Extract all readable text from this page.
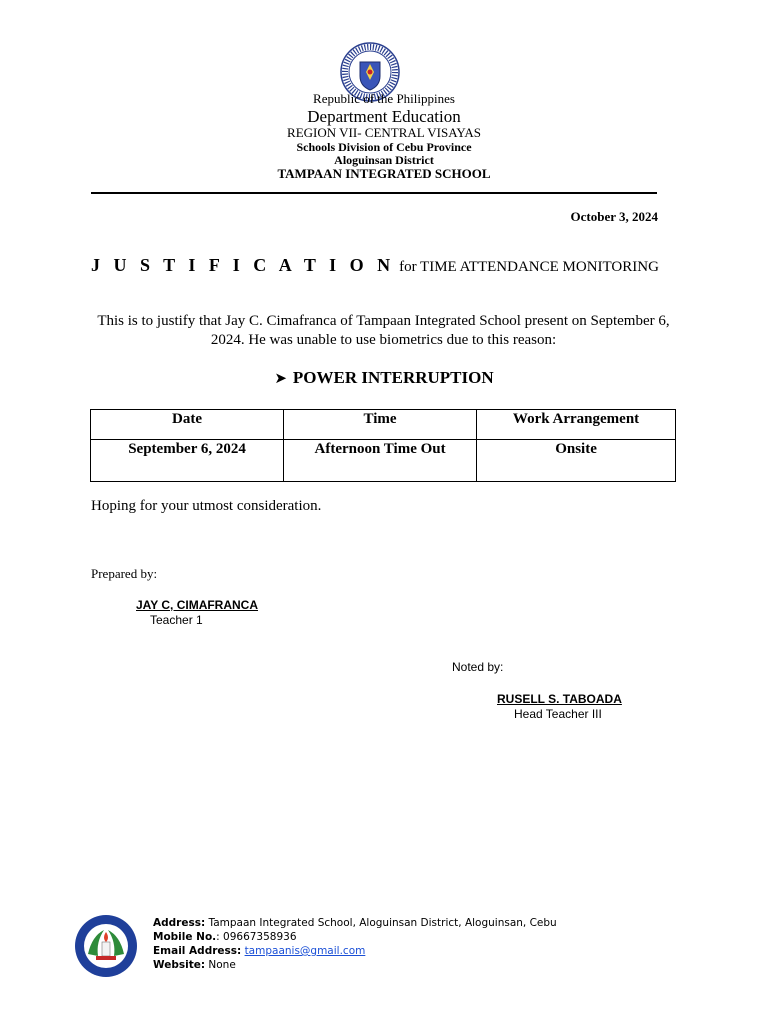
Republic of the Philippines
Department Education
REGION VII- CENTRAL VISAYAS
Schools Division of Cebu Province
Aloguinsan District
TAMPAAN INTEGRATED SCHOOL
October 3, 2024
J U S T I F I C A T I O N for TIME ATTENDANCE MONITORING
This is to justify that Jay C. Cimafranca of Tampaan Integrated School present on September 6, 2024. He was unable to use biometrics due to this reason:
➤ POWER INTERRUPTION
Date	Time	Work Arrangement
September 6, 2024	Afternoon Time Out	Onsite
Hoping for your utmost consideration.
Prepared by:
JAY C, CIMAFRANCA
Teacher 1
Noted by:
RUSELL S. TABOADA
Head Teacher III
Address: Tampaan Integrated School, Aloguinsan District, Aloguinsan, Cebu
Mobile No.: 09667358936
Email Address: tampaanis@gmail.com
Website: None
